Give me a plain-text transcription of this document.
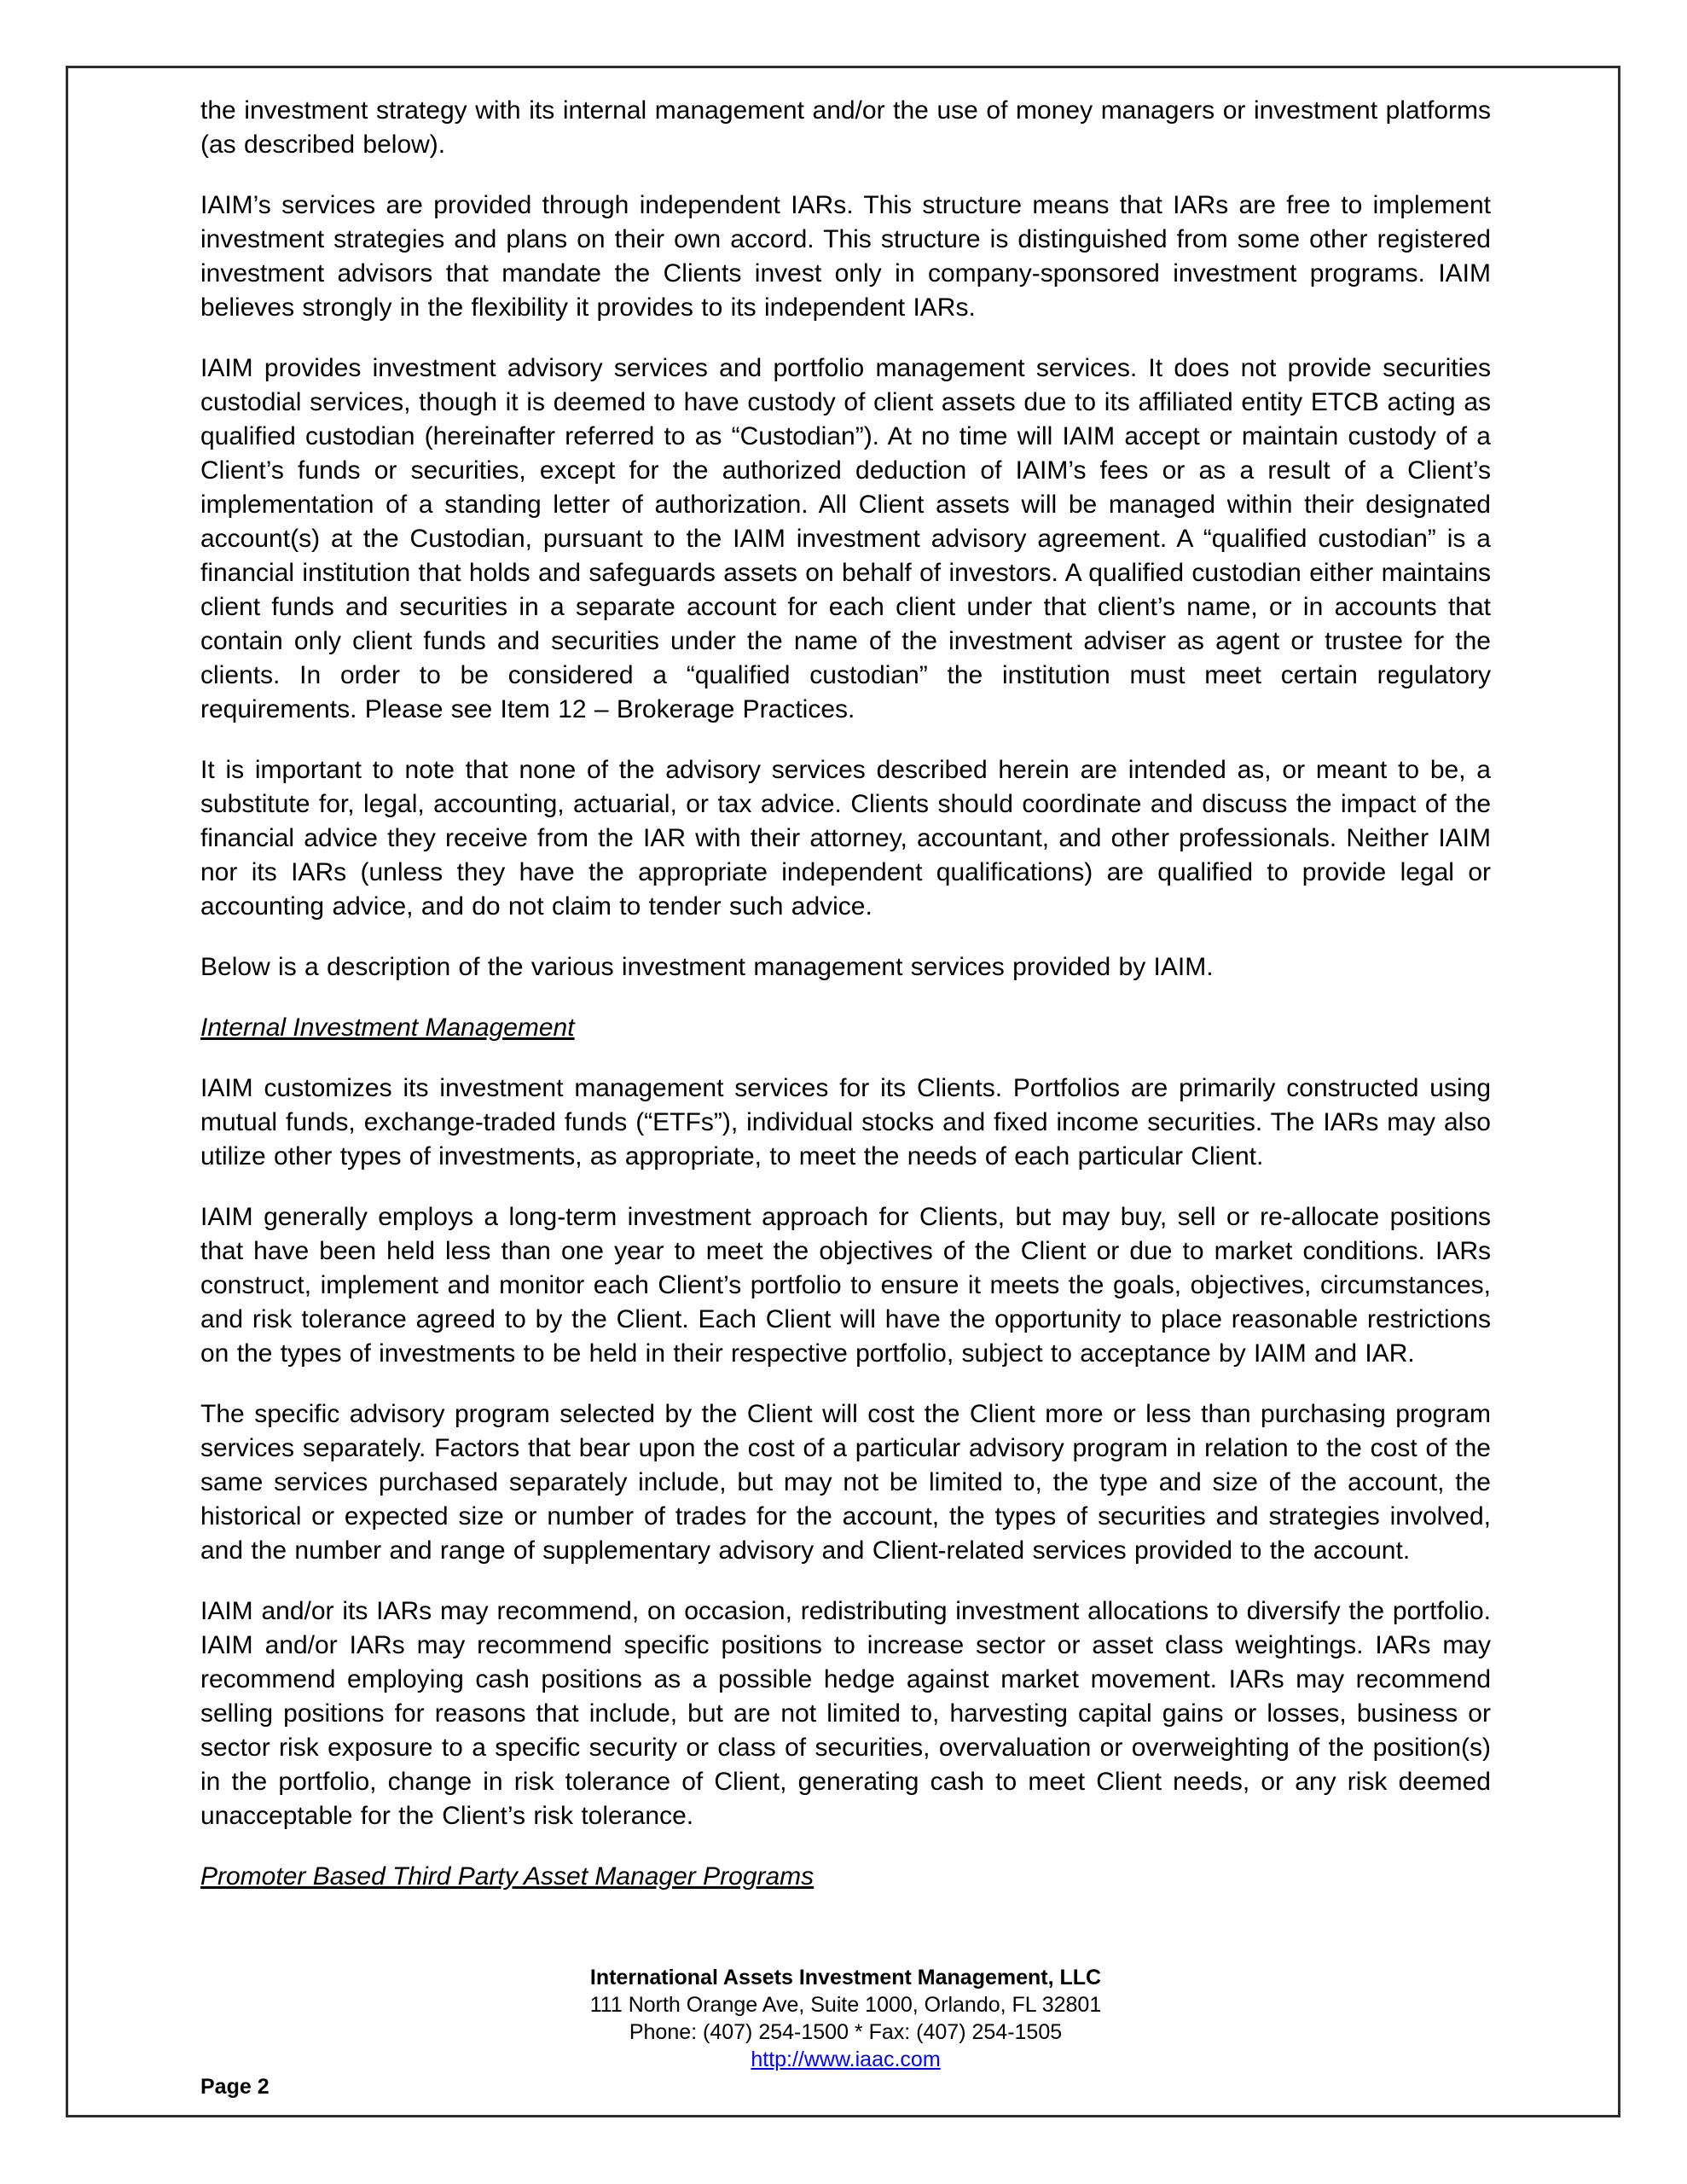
the investment strategy with its internal management and/or the use of money managers or investment platforms (as described below).

IAIM’s services are provided through independent IARs. This structure means that IARs are free to implement investment strategies and plans on their own accord. This structure is distinguished from some other registered investment advisors that mandate the Clients invest only in company-sponsored investment programs. IAIM believes strongly in the flexibility it provides to its independent IARs.

IAIM provides investment advisory services and portfolio management services. It does not provide securities custodial services, though it is deemed to have custody of client assets due to its affiliated entity ETCB acting as qualified custodian (hereinafter referred to as “Custodian”). At no time will IAIM accept or maintain custody of a Client’s funds or securities, except for the authorized deduction of IAIM’s fees or as a result of a Client’s implementation of a standing letter of authorization. All Client assets will be managed within their designated account(s) at the Custodian, pursuant to the IAIM investment advisory agreement. A “qualified custodian” is a financial institution that holds and safeguards assets on behalf of investors. A qualified custodian either maintains client funds and securities in a separate account for each client under that client’s name, or in accounts that contain only client funds and securities under the name of the investment adviser as agent or trustee for the clients. In order to be considered a “qualified custodian” the institution must meet certain regulatory requirements. Please see Item 12 – Brokerage Practices.

It is important to note that none of the advisory services described herein are intended as, or meant to be, a substitute for, legal, accounting, actuarial, or tax advice. Clients should coordinate and discuss the impact of the financial advice they receive from the IAR with their attorney, accountant, and other professionals. Neither IAIM nor its IARs (unless they have the appropriate independent qualifications) are qualified to provide legal or accounting advice, and do not claim to tender such advice.

Below is a description of the various investment management services provided by IAIM.

Internal Investment Management

IAIM customizes its investment management services for its Clients. Portfolios are primarily constructed using mutual funds, exchange-traded funds (“ETFs”), individual stocks and fixed income securities. The IARs may also utilize other types of investments, as appropriate, to meet the needs of each particular Client.

IAIM generally employs a long-term investment approach for Clients, but may buy, sell or re-allocate positions that have been held less than one year to meet the objectives of the Client or due to market conditions. IARs construct, implement and monitor each Client’s portfolio to ensure it meets the goals, objectives, circumstances, and risk tolerance agreed to by the Client. Each Client will have the opportunity to place reasonable restrictions on the types of investments to be held in their respective portfolio, subject to acceptance by IAIM and IAR.

The specific advisory program selected by the Client will cost the Client more or less than purchasing program services separately. Factors that bear upon the cost of a particular advisory program in relation to the cost of the same services purchased separately include, but may not be limited to, the type and size of the account, the historical or expected size or number of trades for the account, the types of securities and strategies involved, and the number and range of supplementary advisory and Client-related services provided to the account.

IAIM and/or its IARs may recommend, on occasion, redistributing investment allocations to diversify the portfolio. IAIM and/or IARs may recommend specific positions to increase sector or asset class weightings. IARs may recommend employing cash positions as a possible hedge against market movement. IARs may recommend selling positions for reasons that include, but are not limited to, harvesting capital gains or losses, business or sector risk exposure to a specific security or class of securities, overvaluation or overweighting of the position(s) in the portfolio, change in risk tolerance of Client, generating cash to meet Client needs, or any risk deemed unacceptable for the Client’s risk tolerance.

Promoter Based Third Party Asset Manager Programs

International Assets Investment Management, LLC
111 North Orange Ave, Suite 1000, Orlando, FL 32801
Phone: (407) 254-1500 * Fax: (407) 254-1505
http://www.iaac.com
Page 2
